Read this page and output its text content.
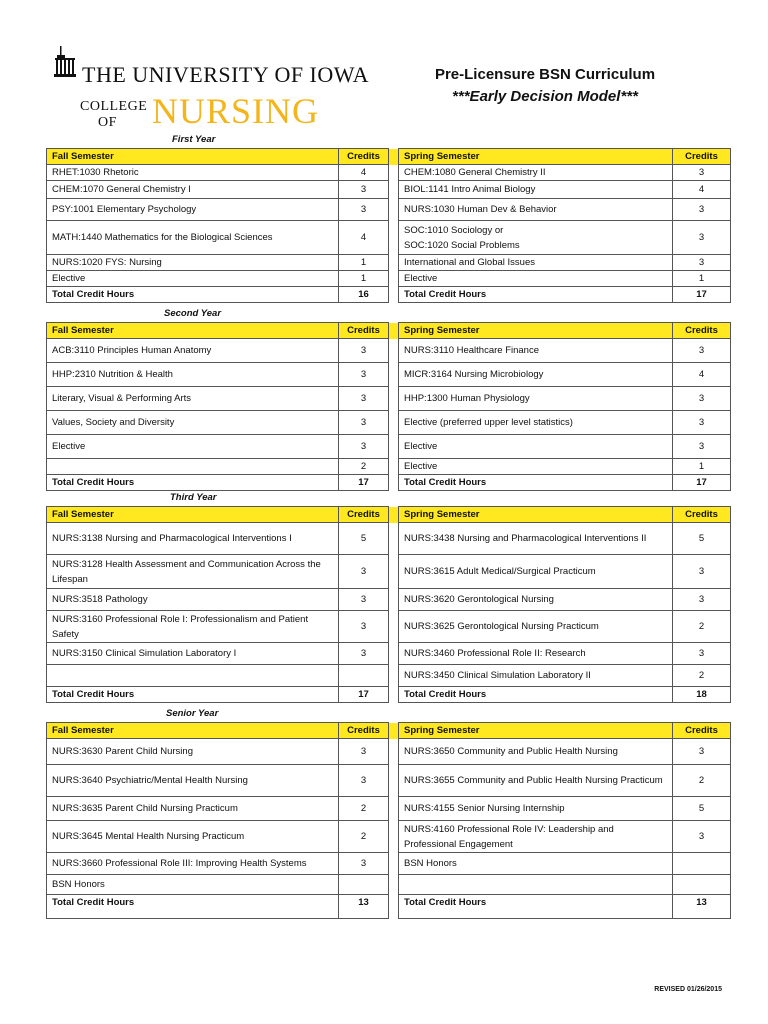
THE UNIVERSITY OF IOWA
COLLEGE
OF NURSING
Pre-Licensure BSN Curriculum
***Early Decision Model***
First Year
Fall Semester	Credits		Spring Semester	Credits
RHET:1030 Rhetoric	4		CHEM:1080 General Chemistry II	3
CHEM:1070 General Chemistry I	3		BIOL:1141 Intro Animal Biology	4
PSY:1001 Elementary Psychology	3		NURS:1030 Human Dev & Behavior	3
MATH:1440 Mathematics for the Biological Sciences	4		SOC:1010 Sociology or
SOC:1020 Social Problems	3
NURS:1020 FYS: Nursing	1		International and Global Issues	3
Elective	1		Elective	1
Total Credit Hours	16		Total Credit Hours	17
Second Year
Fall Semester	Credits		Spring Semester	Credits
ACB:3110 Principles Human Anatomy	3		NURS:3110 Healthcare Finance	3
HHP:2310 Nutrition & Health	3		MICR:3164 Nursing Microbiology	4
Literary, Visual & Performing Arts	3		HHP:1300 Human Physiology	3
Values, Society and Diversity	3		Elective (preferred upper level statistics)	3
Elective	3		Elective	3
	2		Elective	1
Total Credit Hours	17		Total Credit Hours	17
Third Year
Fall Semester	Credits		Spring Semester	Credits
NURS:3138 Nursing and Pharmacological Interventions I	5		NURS:3438 Nursing and Pharmacological Interventions II	5
NURS:3128 Health Assessment and Communication Across the Lifespan	3		NURS:3615 Adult Medical/Surgical Practicum	3
NURS:3518 Pathology	3		NURS:3620 Gerontological Nursing	3
NURS:3160 Professional Role I: Professionalism and Patient Safety	3		NURS:3625 Gerontological Nursing Practicum	2
NURS:3150 Clinical Simulation Laboratory I	3		NURS:3460 Professional Role II: Research	3
			NURS:3450 Clinical Simulation Laboratory II	2
Total Credit Hours	17		Total Credit Hours	18
Senior Year
Fall Semester	Credits		Spring Semester	Credits
NURS:3630 Parent Child Nursing	3		NURS:3650 Community and Public Health Nursing	3
NURS:3640 Psychiatric/Mental Health Nursing	3		NURS:3655 Community and Public Health Nursing Practicum	2
NURS:3635 Parent Child Nursing Practicum	2		NURS:4155 Senior Nursing Internship	5
NURS:3645 Mental Health Nursing Practicum	2		NURS:4160 Professional Role IV: Leadership and Professional Engagement	3
NURS:3660 Professional Role III: Improving Health Systems	3		BSN Honors	
BSN Honors				
Total Credit Hours	13		Total Credit Hours	13
REVISED 01/26/2015
